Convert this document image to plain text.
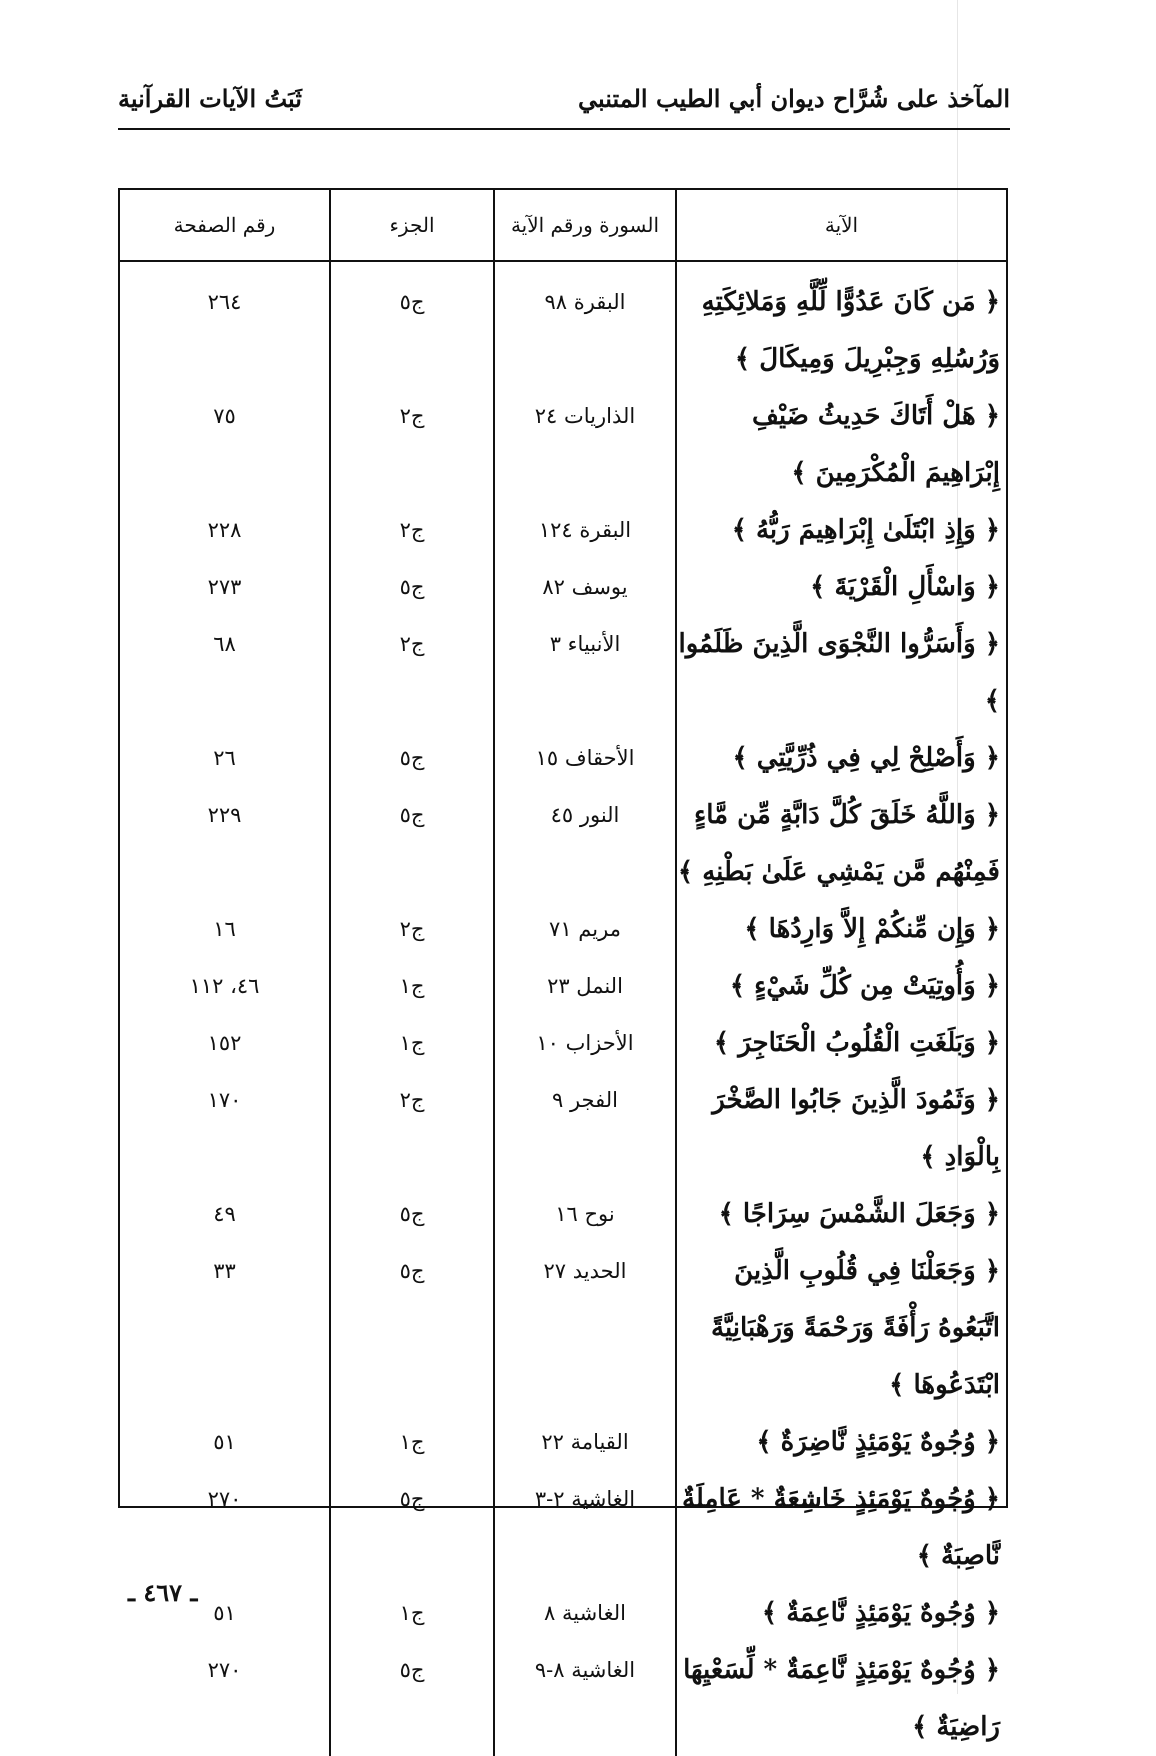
المآخذ على شُرَّاح ديوان أبي الطيب المتنبي
ثَبَتُ الآيات القرآنية
الآية	السورة ورقم الآية	الجزء	رقم الصفحة
﴿ مَن كَانَ عَدُوًّا لِّلَّهِ وَمَلائِكَتِهِ وَرُسُلِهِ وَجِبْرِيلَ وَمِيكَالَ ﴾	البقرة ٩٨	ج٥	٢٦٤
﴿ هَلْ أَتَاكَ حَدِيثُ ضَيْفِ إِبْرَاهِيمَ الْمُكْرَمِينَ ﴾	الذاريات ٢٤	ج٢	٧٥
﴿ وَإِذِ ابْتَلَىٰ إِبْرَاهِيمَ رَبُّهُ ﴾	البقرة ١٢٤	ج٢	٢٢٨
﴿ وَاسْأَلِ الْقَرْيَةَ ﴾	يوسف ٨٢	ج٥	٢٧٣
﴿ وَأَسَرُّوا النَّجْوَى الَّذِينَ ظَلَمُوا ﴾	الأنبياء ٣	ج٢	٦٨
﴿ وَأَصْلِحْ لِي فِي ذُرِّيَّتِي ﴾	الأحقاف ١٥	ج٥	٢٦
﴿ وَاللَّهُ خَلَقَ كُلَّ دَابَّةٍ مِّن مَّاءٍ فَمِنْهُم مَّن يَمْشِي عَلَىٰ بَطْنِهِ ﴾	النور ٤٥	ج٥	٢٢٩
﴿ وَإِن مِّنكُمْ إِلاَّ وَارِدُهَا ﴾	مريم ٧١	ج٢	١٦
﴿ وَأُوتِيَتْ مِن كُلِّ شَيْءٍ ﴾	النمل ٢٣	ج١	٤٦، ١١٢
﴿ وَبَلَغَتِ الْقُلُوبُ الْحَنَاجِرَ ﴾	الأحزاب ١٠	ج١	١٥٢
﴿ وَثَمُودَ الَّذِينَ جَابُوا الصَّخْرَ بِالْوَادِ ﴾	الفجر ٩	ج٢	١٧٠
﴿ وَجَعَلَ الشَّمْسَ سِرَاجًا ﴾	نوح ١٦	ج٥	٤٩
﴿ وَجَعَلْنَا فِي قُلُوبِ الَّذِينَ اتَّبَعُوهُ رَأْفَةً وَرَحْمَةً وَرَهْبَانِيَّةً ابْتَدَعُوهَا ﴾	الحديد ٢٧	ج٥	٣٣
﴿ وُجُوهٌ يَوْمَئِذٍ نَّاضِرَةٌ ﴾	القيامة ٢٢	ج١	٥١
﴿ وُجُوهٌ يَوْمَئِذٍ خَاشِعَةٌ * عَامِلَةٌ نَّاصِبَةٌ ﴾	الغاشية ٢-٣	ج٥	٢٧٠
﴿ وُجُوهٌ يَوْمَئِذٍ نَّاعِمَةٌ ﴾	الغاشية ٨	ج١	٥١
﴿ وُجُوهٌ يَوْمَئِذٍ نَّاعِمَةٌ * لِّسَعْيِهَا رَاضِيَةٌ ﴾	الغاشية ٨-٩	ج٥	٢٧٠
ـ ٤٦٧ ـ
